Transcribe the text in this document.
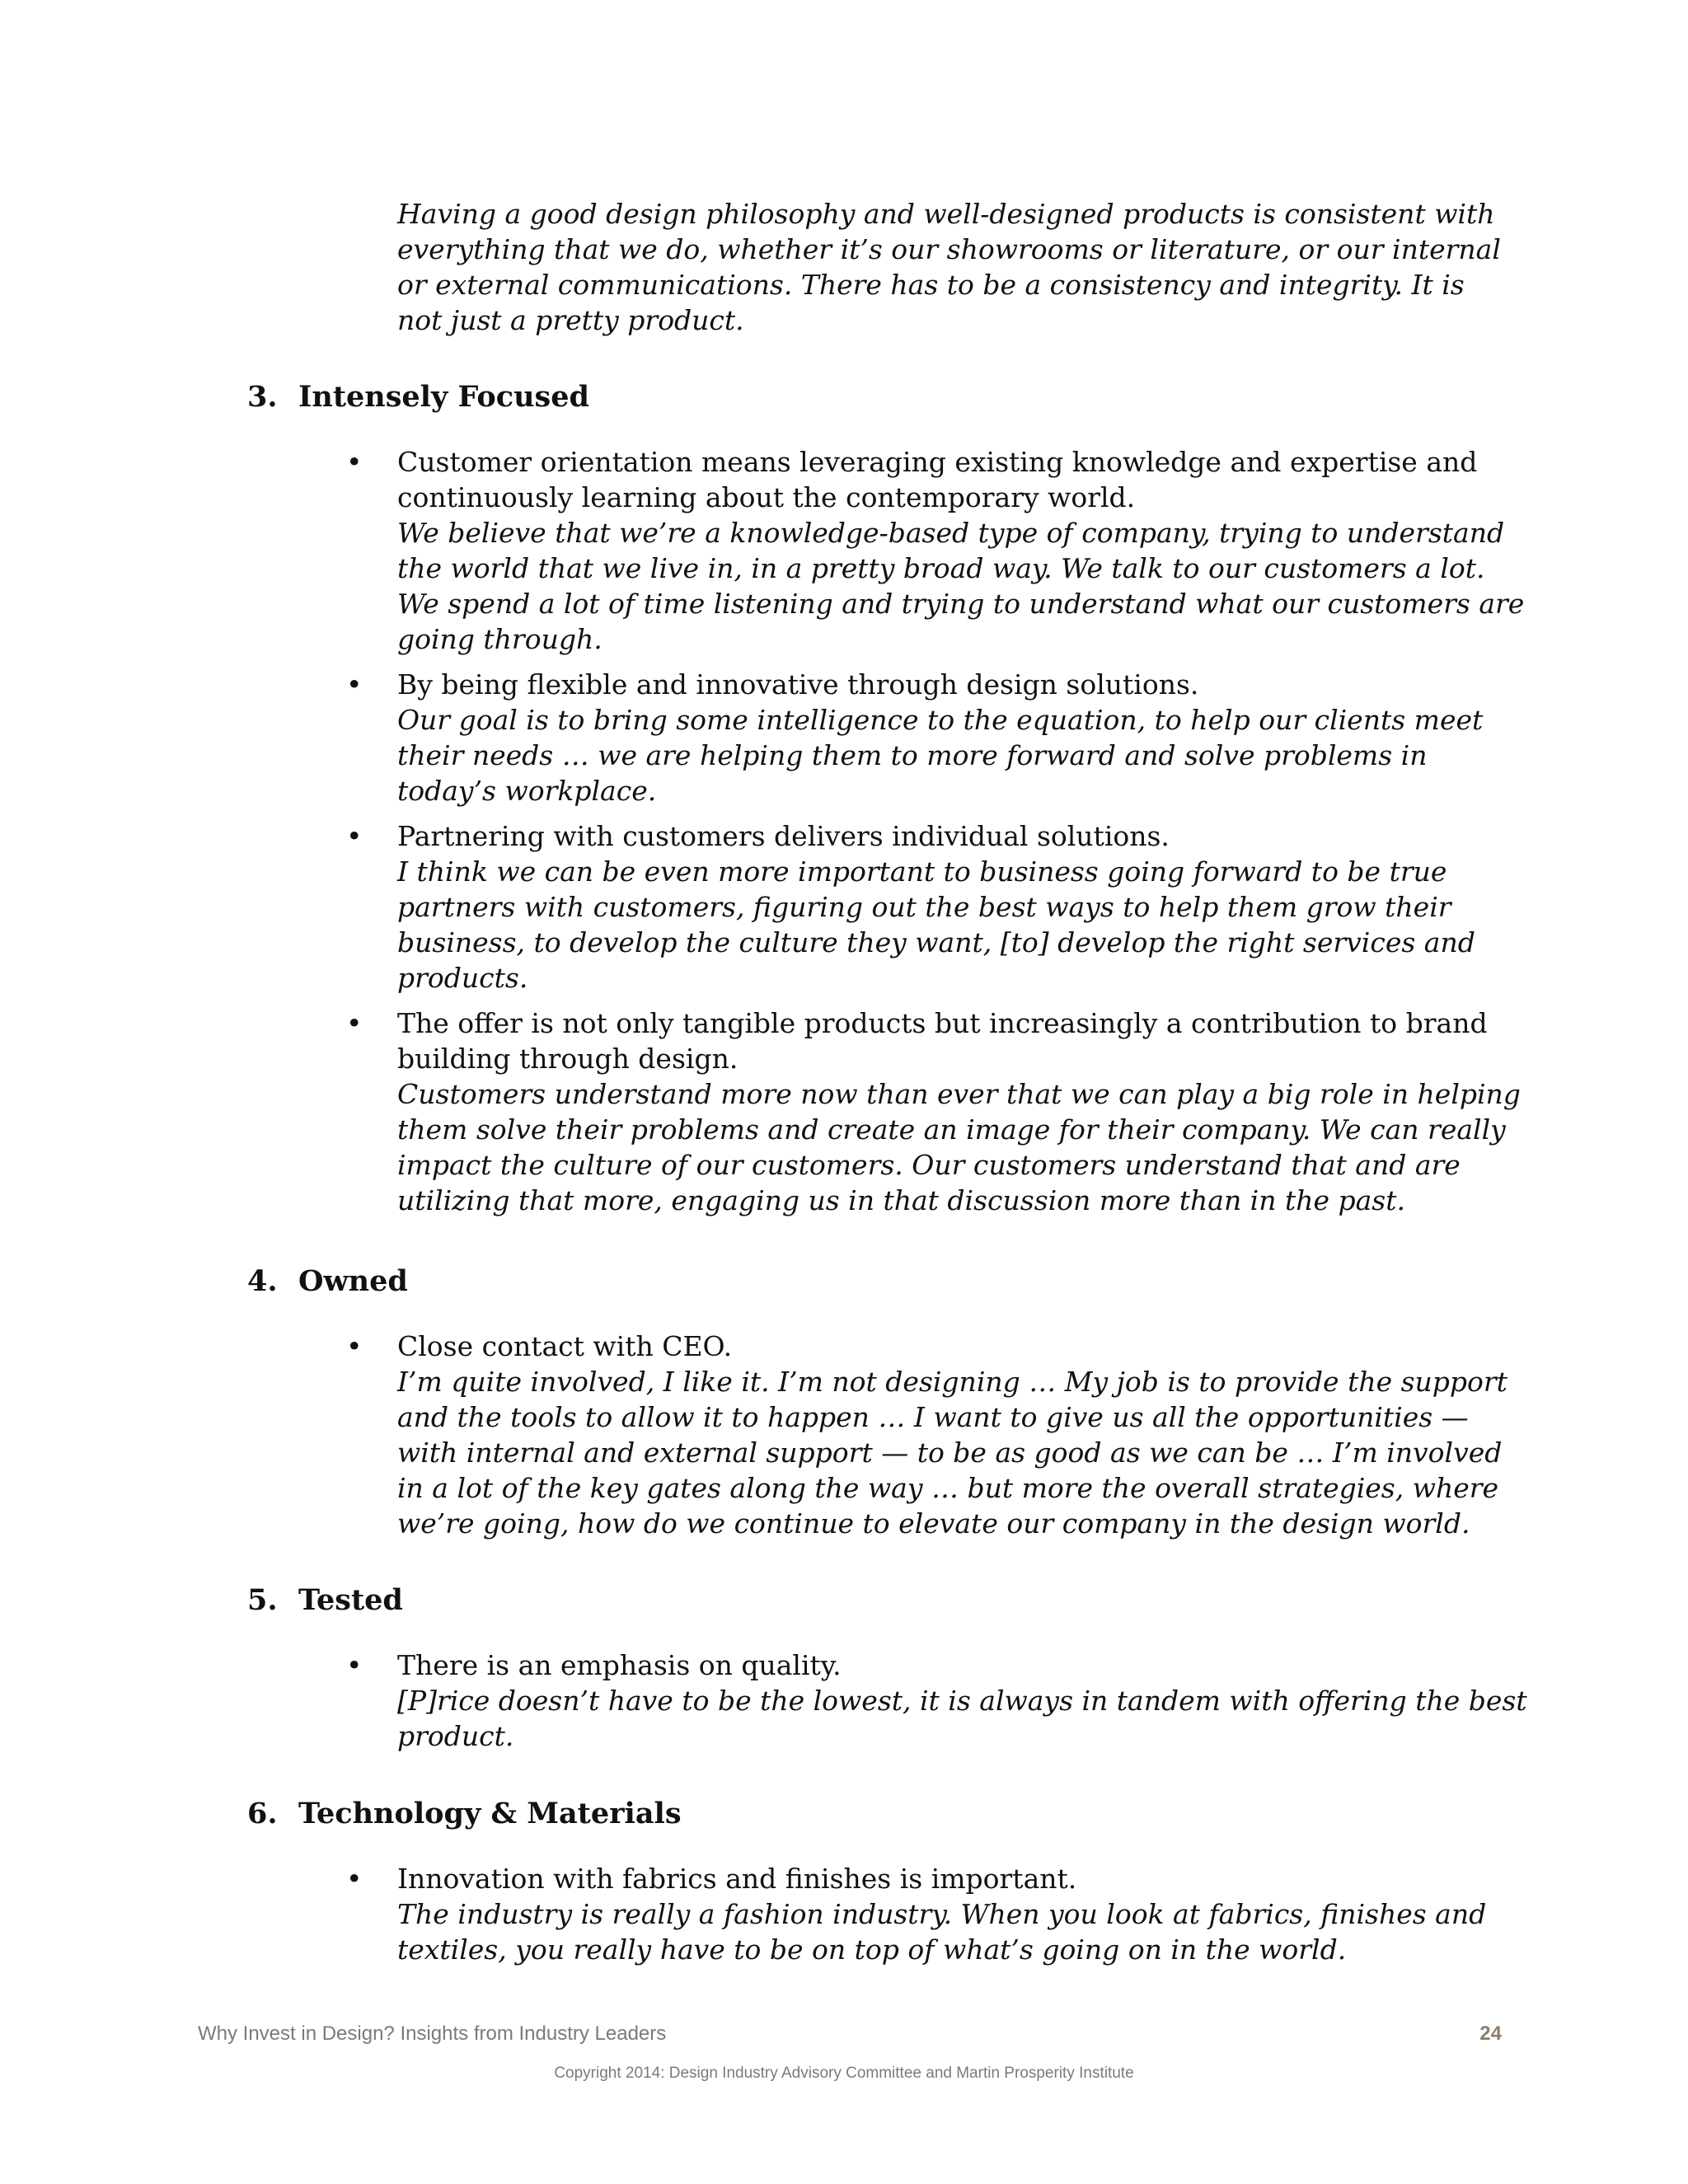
Having a good design philosophy and well-designed products is consistent with everything that we do, whether it’s our showrooms or literature, or our internal or external communications. There has to be a consistency and integrity. It is not just a pretty product.

3. Intensely Focused
• Customer orientation means leveraging existing knowledge and expertise and continuously learning about the contemporary world.
We believe that we’re a knowledge-based type of company, trying to understand the world that we live in, in a pretty broad way. We talk to our customers a lot. We spend a lot of time listening and trying to understand what our customers are going through.
• By being flexible and innovative through design solutions.
Our goal is to bring some intelligence to the equation, to help our clients meet their needs … we are helping them to more forward and solve problems in today’s workplace.
• Partnering with customers delivers individual solutions.
I think we can be even more important to business going forward to be true partners with customers, figuring out the best ways to help them grow their business, to develop the culture they want, [to] develop the right services and products.
• The offer is not only tangible products but increasingly a contribution to brand building through design.
Customers understand more now than ever that we can play a big role in helping them solve their problems and create an image for their company. We can really impact the culture of our customers. Our customers understand that and are utilizing that more, engaging us in that discussion more than in the past.
4. Owned
• Close contact with CEO.
I’m quite involved, I like it. I’m not designing … My job is to provide the support and the tools to allow it to happen … I want to give us all the opportunities — with internal and external support — to be as good as we can be … I’m involved in a lot of the key gates along the way … but more the overall strategies, where we’re going, how do we continue to elevate our company in the design world.
5. Tested
• There is an emphasis on quality.
[P]rice doesn’t have to be the lowest, it is always in tandem with offering the best product.
6. Technology & Materials
• Innovation with fabrics and finishes is important.
The industry is really a fashion industry. When you look at fabrics, finishes and textiles, you really have to be on top of what’s going on in the world.
Why Invest in Design? Insights from Industry Leaders	24
Copyright 2014: Design Industry Advisory Committee and Martin Prosperity Institute
